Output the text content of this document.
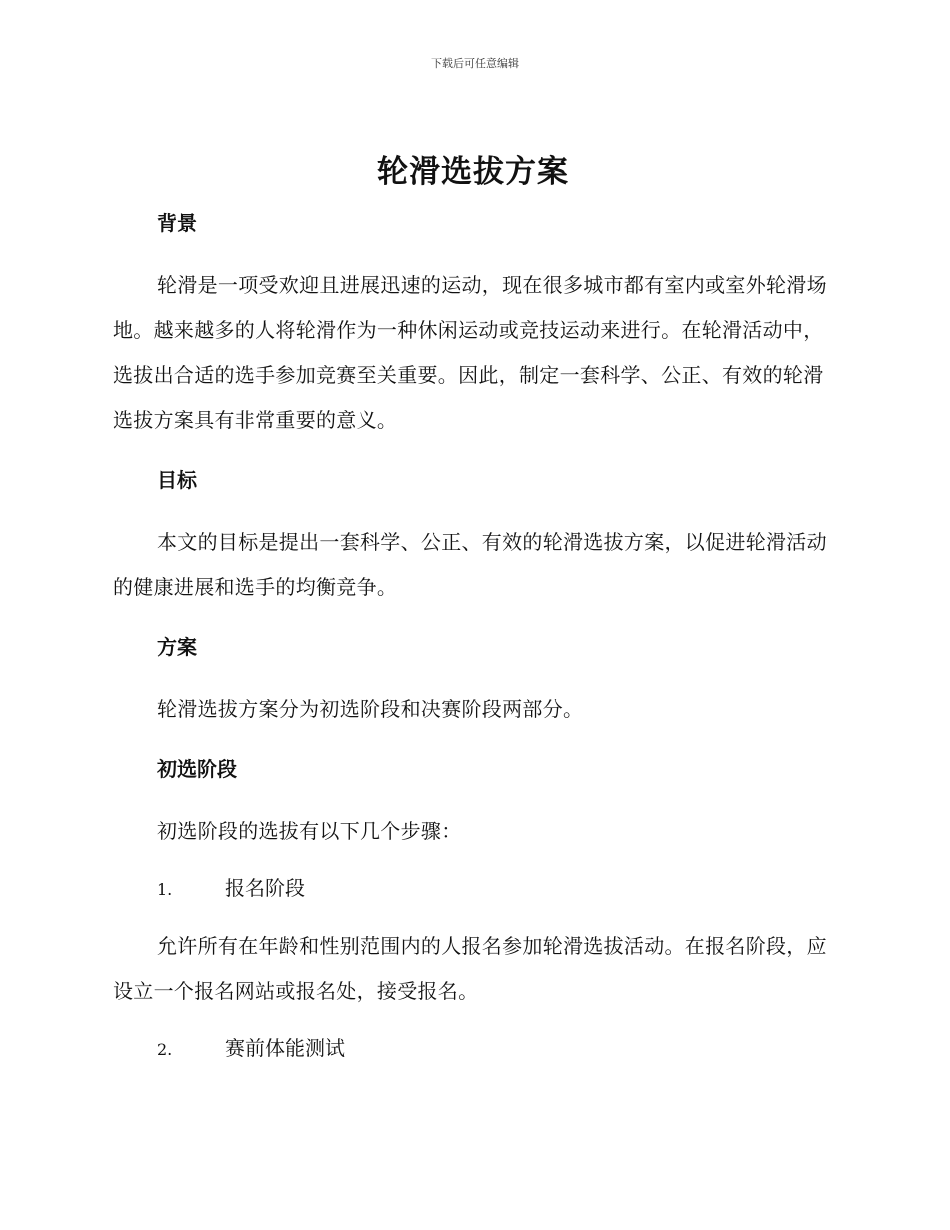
下载后可任意编辑
轮滑选拔方案
背景

轮滑是一项受欢迎且进展迅速的运动，现在很多城市都有室内或室外轮滑场地。越来越多的人将轮滑作为一种休闲运动或竞技运动来进行。在轮滑活动中，选拔出合适的选手参加竞赛至关重要。因此，制定一套科学、公正、有效的轮滑选拔方案具有非常重要的意义。

目标

本文的目标是提出一套科学、公正、有效的轮滑选拔方案，以促进轮滑活动的健康进展和选手的均衡竞争。

方案

轮滑选拔方案分为初选阶段和决赛阶段两部分。

初选阶段

初选阶段的选拔有以下几个步骤：

1.	报名阶段

允许所有在年龄和性别范围内的人报名参加轮滑选拔活动。在报名阶段，应设立一个报名网站或报名处，接受报名。

2.	赛前体能测试
